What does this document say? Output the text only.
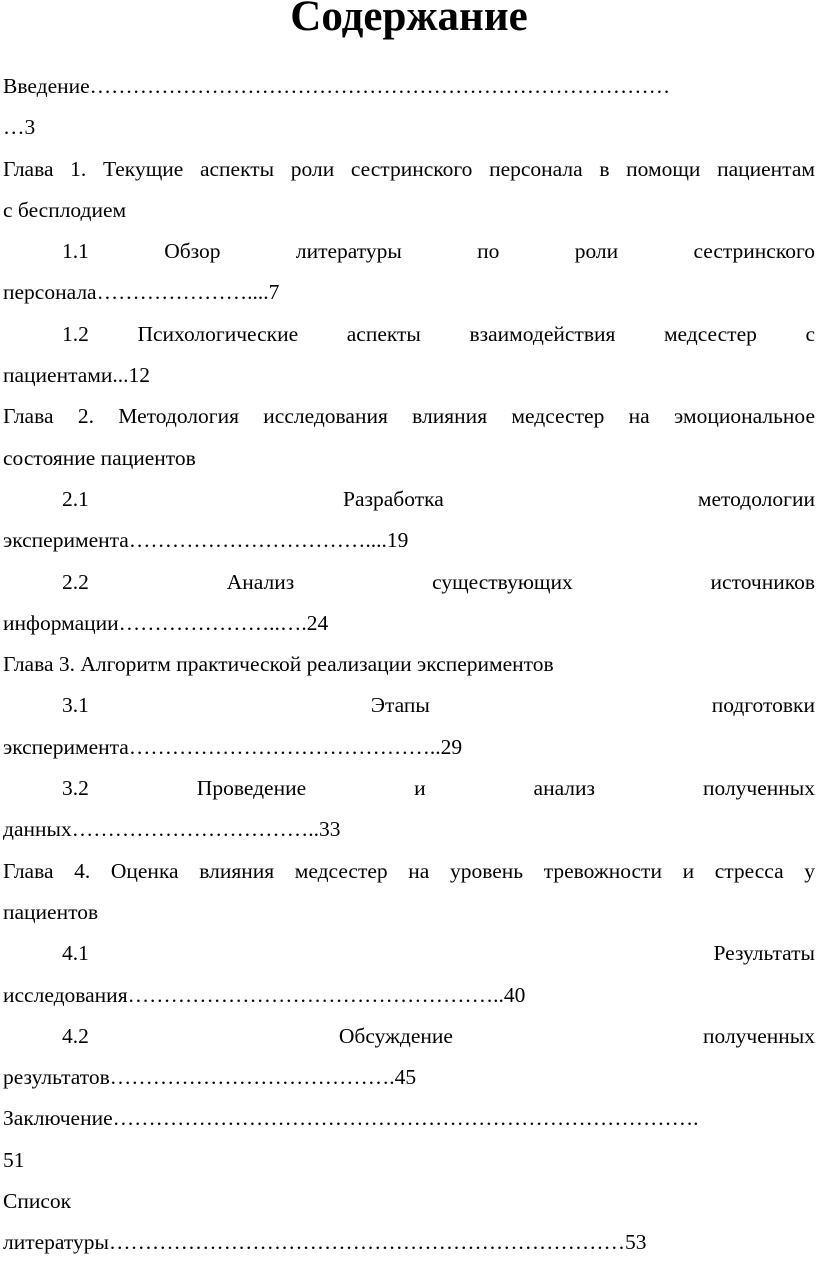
Содержание
Введение………………………………………………………………………
…3
Глава 1. Текущие аспекты роли сестринского персонала в помощи пациентам
с бесплодием
1.1 Обзор литературы по роли сестринского
персонала…………………....7
1.2 Психологические аспекты взаимодействия медсестер с
пациентами...12
Глава 2. Методология исследования влияния медсестер на эмоциональное
состояние пациентов
2.1 Разработка методологии
эксперимента……………………………....19
2.2 Анализ существующих источников
информации…………………..….24
Глава 3. Алгоритм практической реализации экспериментов
3.1 Этапы подготовки
эксперимента……………………………………..29
3.2 Проведение и анализ полученных
данных……………………………..33
Глава 4. Оценка влияния медсестер на уровень тревожности и стресса у
пациентов
4.1 Результаты
исследования……………………………………………..40
4.2 Обсуждение полученных
результатов………………………………….45
Заключение……………………………………………………………………….
51
Список
литературы………………………………………………………………53
